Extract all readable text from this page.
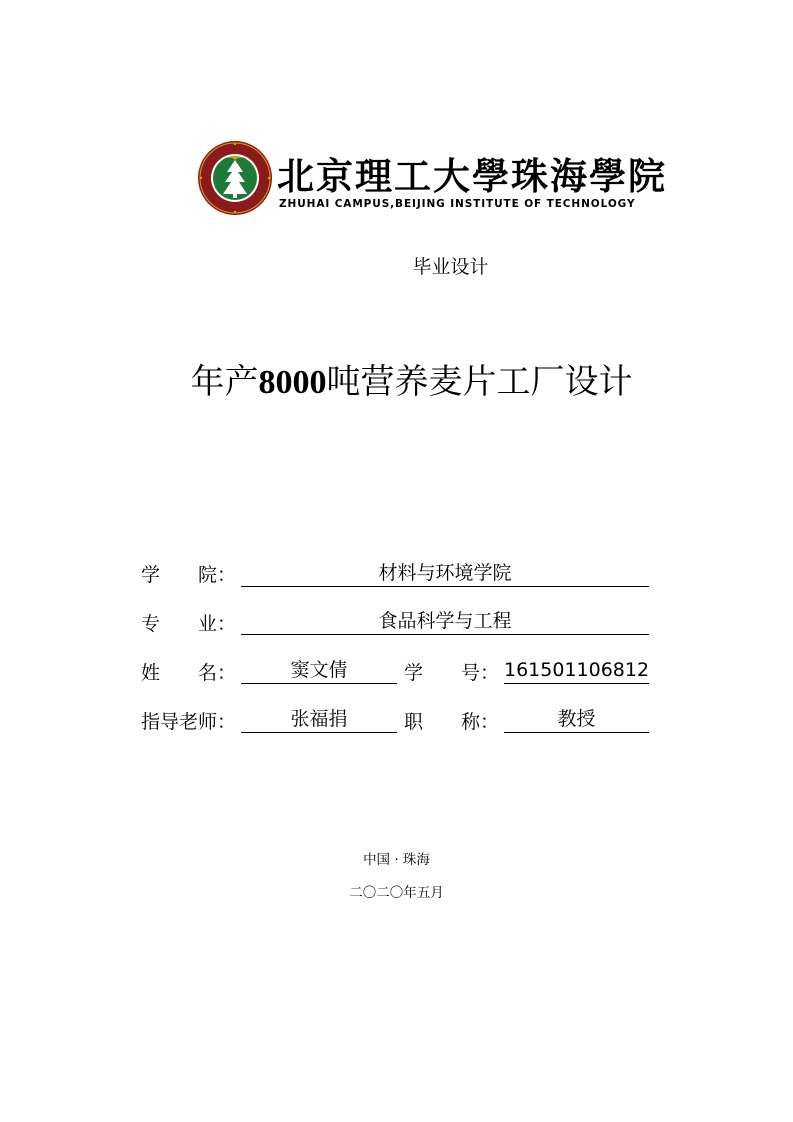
北京理工大學珠海學院
ZHUHAI CAMPUS,BEIJING INSTITUTE OF TECHNOLOGY
毕业设计
年产8000吨营养麦片工厂设计
学　　院：	材料与环境学院
专　　业：	食品科学与工程
姓　　名：	窦文倩	学　　号： 161501106812
指导老师：	张福捐	职　　称：	教授
中国 · 珠海
二〇二〇年五月
